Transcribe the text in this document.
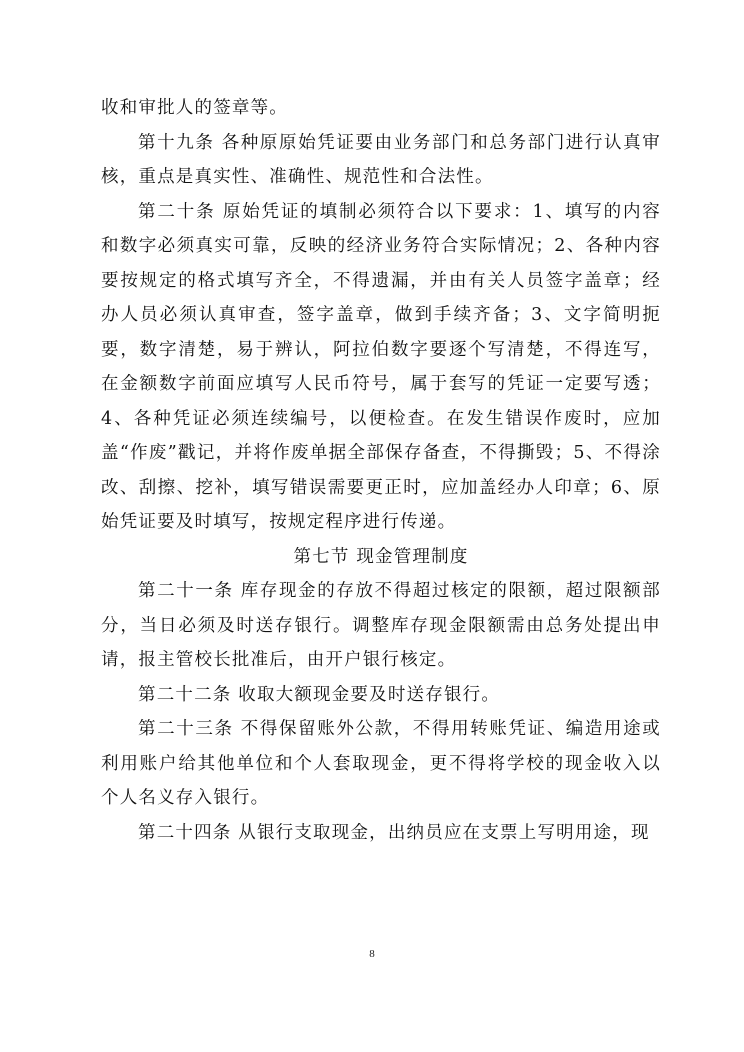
收和审批人的签章等。

第十九条 各种原原始凭证要由业务部门和总务部门进行认真审核，重点是真实性、准确性、规范性和合法性。

第二十条 原始凭证的填制必须符合以下要求：1、填写的内容和数字必须真实可靠，反映的经济业务符合实际情况；2、各种内容要按规定的格式填写齐全，不得遗漏，并由有关人员签字盖章；经办人员必须认真审查，签字盖章，做到手续齐备；3、文字简明扼要，数字清楚，易于辨认，阿拉伯数字要逐个写清楚，不得连写，在金额数字前面应填写人民币符号，属于套写的凭证一定要写透；4、各种凭证必须连续编号，以便检查。在发生错误作废时，应加盖“作废”戳记，并将作废单据全部保存备查，不得撕毁；5、不得涂改、刮擦、挖补，填写错误需要更正时，应加盖经办人印章；6、原始凭证要及时填写，按规定程序进行传递。

第七节 现金管理制度

第二十一条 库存现金的存放不得超过核定的限额，超过限额部分，当日必须及时送存银行。调整库存现金限额需由总务处提出申请，报主管校长批准后，由开户银行核定。

第二十二条 收取大额现金要及时送存银行。

第二十三条 不得保留账外公款，不得用转账凭证、编造用途或利用账户给其他单位和个人套取现金，更不得将学校的现金收入以个人名义存入银行。

第二十四条 从银行支取现金，出纳员应在支票上写明用途，现

8
